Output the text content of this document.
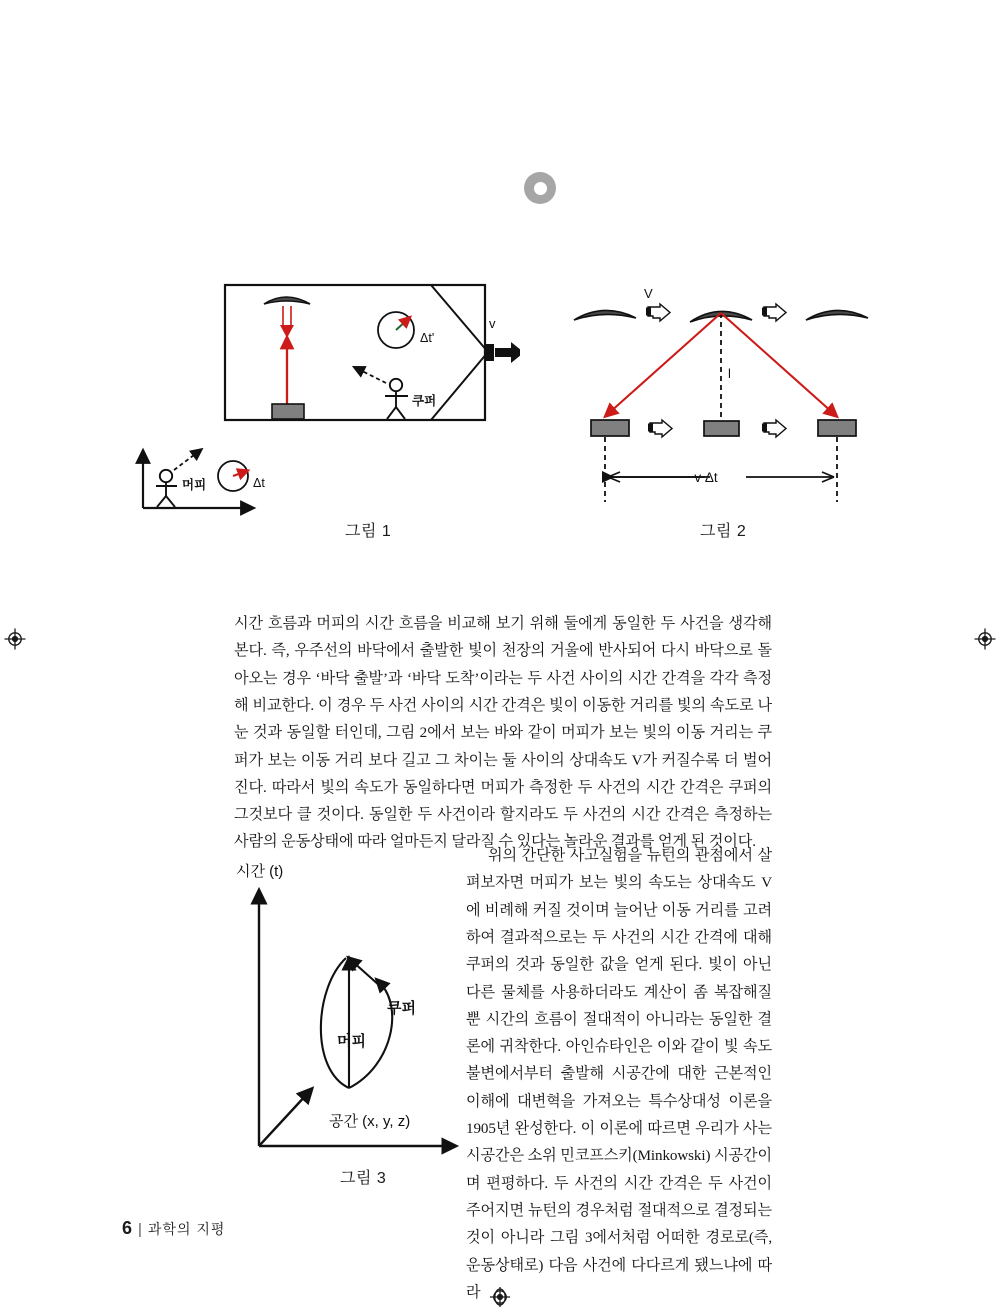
Δt'
쿠퍼
v
머피	Δt
그림 1
V
l
v Δt
그림 2
시간 (t)
머피
쿠퍼
공간 (x, y, z)
그림 3

시간 흐름과 머피의 시간 흐름을 비교해 보기 위해 둘에게 동일한 두 사건을 생각해 본다. 즉, 우주선의 바닥에서 출발한 빛이 천장의 거울에 반사되어 다시 바닥으로 돌아오는 경우 ‘바닥 출발’과 ‘바닥 도착’이라는 두 사건 사이의 시간 간격을 각각 측정해 비교한다. 이 경우 두 사건 사이의 시간 간격은 빛이 이동한 거리를 빛의 속도로 나눈 것과 동일할 터인데, 그림 2에서 보는 바와 같이 머피가 보는 빛의 이동 거리는 쿠퍼가 보는 이동 거리 보다 길고 그 차이는 둘 사이의 상대속도 V가 커질수록 더 벌어진다. 따라서 빛의 속도가 동일하다면 머피가 측정한 두 사건의 시간 간격은 쿠퍼의 그것보다 클 것이다. 동일한 두 사건이라 할지라도 두 사건의 시간 간격은 측정하는 사람의 운동상태에 따라 얼마든지 달라질 수 있다는 놀라운 결과를 얻게 된 것이다.

위의 간단한 사고실험을 뉴턴의 관점에서 살펴보자면 머피가 보는 빛의 속도는 상대속도 V에 비례해 커질 것이며 늘어난 이동 거리를 고려하여 결과적으로는 두 사건의 시간 간격에 대해 쿠퍼의 것과 동일한 값을 얻게 된다. 빛이 아닌 다른 물체를 사용하더라도 계산이 좀 복잡해질 뿐 시간의 흐름이 절대적이 아니라는 동일한 결론에 귀착한다. 아인슈타인은 이와 같이 빛 속도 불변에서부터 출발해 시공간에 대한 근본적인 이해에 대변혁을 가져오는 특수상대성 이론을 1905년 완성한다. 이 이론에 따르면 우리가 사는 시공간은 소위 민코프스키(Minkowski) 시공간이며 편평하다. 두 사건의 시간 간격은 두 사건이 주어지면 뉴턴의 경우처럼 절대적으로 결정되는 것이 아니라 그림 3에서처럼 어떠한 경로로(즉, 운동상태로) 다음 사건에 다다르게 됐느냐에 따라

6 | 과학의 지평
